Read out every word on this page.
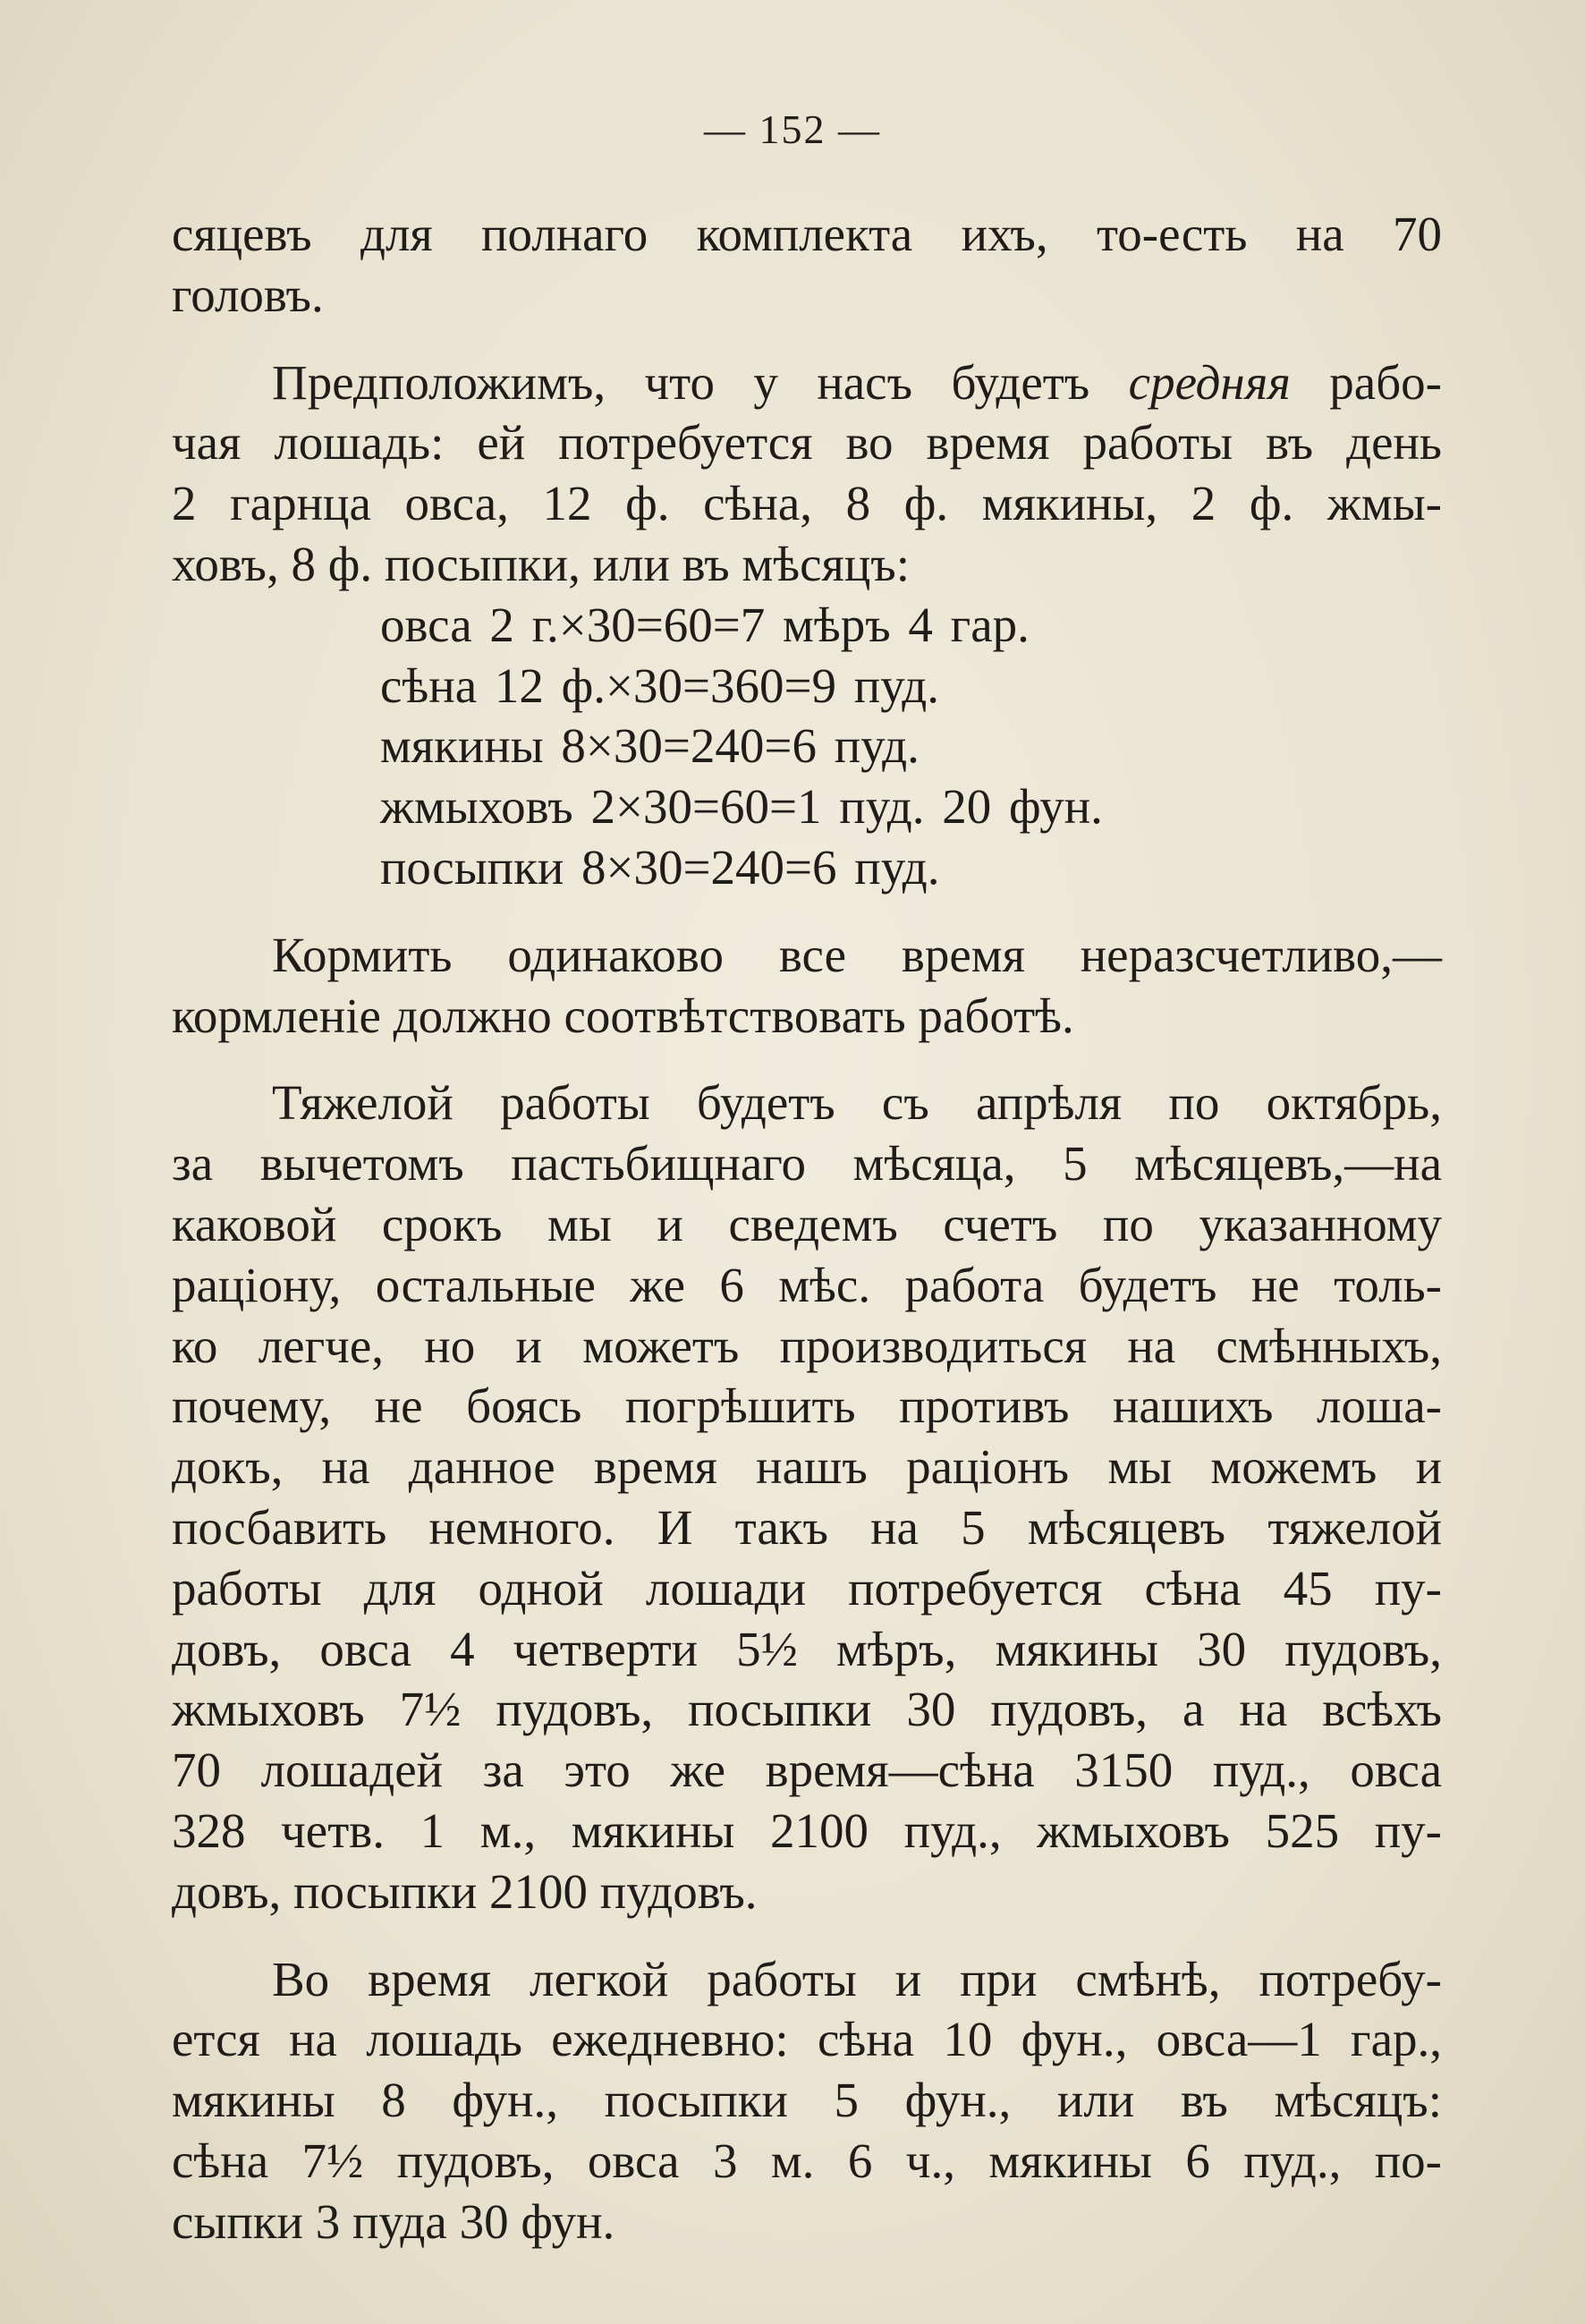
— 152 —
сяцевъ для полнаго комплекта ихъ, то-есть на 70
головъ.
Предположимъ, что у насъ будетъ средняя рабо-
чая лошадь: ей потребуется во время работы въ день
2 гарнца овса, 12 ф. сѣна, 8 ф. мякины, 2 ф. жмы-
ховъ, 8 ф. посыпки, или въ мѣсяцъ:
овса 2 г.×30=60=7 мѣръ 4 гар.
сѣна 12 ф.×30=360=9 пуд.
мякины 8×30=240=6 пуд.
жмыховъ 2×30=60=1 пуд. 20 фун.
посыпки 8×30=240=6 пуд.
Кормить одинаково все время неразсчетливо,—
кормленіе должно соотвѣтствовать работѣ.
Тяжелой работы будетъ съ апрѣля по октябрь,
за вычетомъ пастьбищнаго мѣсяца, 5 мѣсяцевъ,—на
каковой срокъ мы и сведемъ счетъ по указанному
раціону, остальные же 6 мѣс. работа будетъ не толь-
ко легче, но и можетъ производиться на смѣнныхъ,
почему, не боясь погрѣшить противъ нашихъ лоша-
докъ, на данное время нашъ раціонъ мы можемъ и
посбавить немного. И такъ на 5 мѣсяцевъ тяжелой
работы для одной лошади потребуется сѣна 45 пу-
довъ, овса 4 четверти 5½ мѣръ, мякины 30 пудовъ,
жмыховъ 7½ пудовъ, посыпки 30 пудовъ, а на всѣхъ
70 лошадей за это же время—сѣна 3150 пуд., овса
328 четв. 1 м., мякины 2100 пуд., жмыховъ 525 пу-
довъ, посыпки 2100 пудовъ.
Во время легкой работы и при смѣнѣ, потребу-
ется на лошадь ежедневно: сѣна 10 фун., овса—1 гар.,
мякины 8 фун., посыпки 5 фун., или въ мѣсяцъ:
сѣна 7½ пудовъ, овса 3 м. 6 ч., мякины 6 пуд., по-
сыпки 3 пуда 30 фун.
